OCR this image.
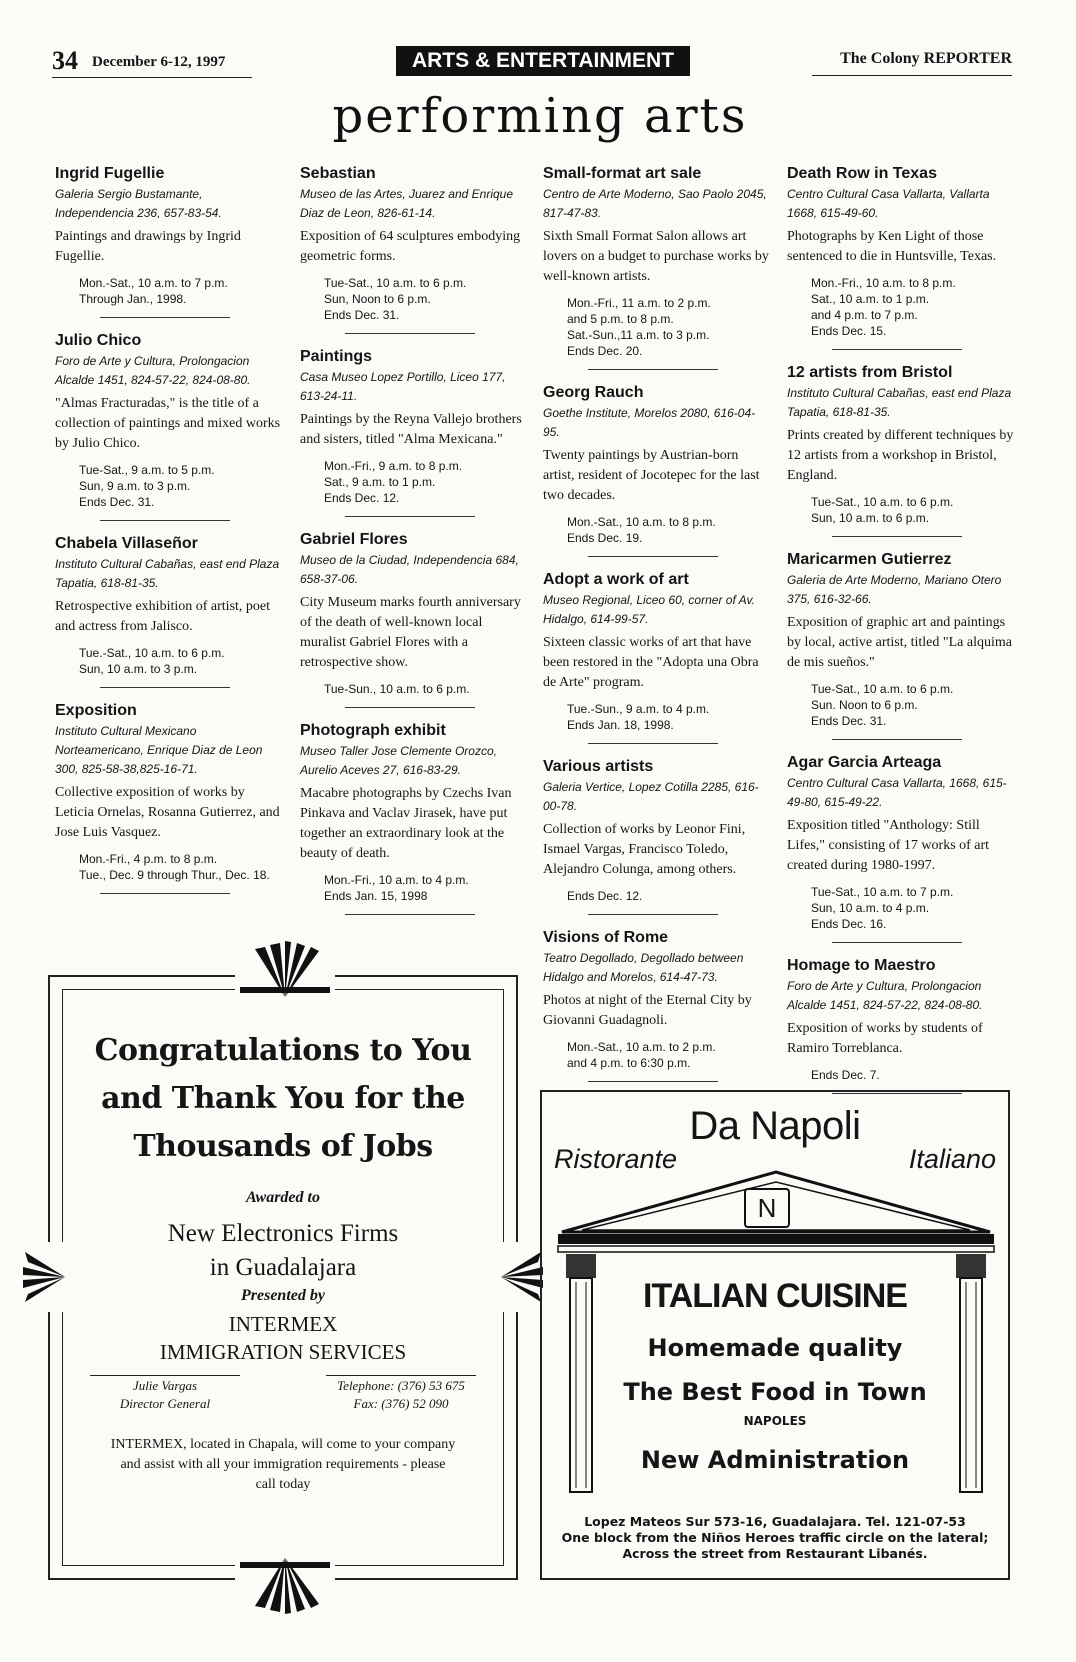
34 December 6-12, 1997	ARTS & ENTERTAINMENT	The Colony REPORTER
performing arts
Ingrid Fugellie
Galeria Sergio Bustamante, Independencia 236, 657-83-54.
Paintings and drawings by Ingrid Fugellie.
Mon.-Sat., 10 a.m. to 7 p.m.
Through Jan., 1998.
Julio Chico
Foro de Arte y Cultura, Prolongacion Alcalde 1451, 824-57-22, 824-08-80.
"Almas Fracturadas," is the title of a collection of paintings and mixed works by Julio Chico.
Tue-Sat., 9 a.m. to 5 p.m.
Sun, 9 a.m. to 3 p.m.
Ends Dec. 31.
Chabela Villaseñor
Instituto Cultural Cabañas, east end Plaza Tapatia, 618-81-35.
Retrospective exhibition of artist, poet and actress from Jalisco.
Tue.-Sat., 10 a.m. to 6 p.m.
Sun, 10 a.m. to 3 p.m.
Exposition
Instituto Cultural Mexicano Norteamericano, Enrique Diaz de Leon 300, 825-58-38,825-16-71.
Collective exposition of works by Leticia Ornelas, Rosanna Gutierrez, and Jose Luis Vasquez.
Mon.-Fri., 4 p.m. to 8 p.m.
Tue., Dec. 9 through Thur., Dec. 18.
Sebastian
Museo de las Artes, Juarez and Enrique Diaz de Leon, 826-61-14.
Exposition of 64 sculptures embodying geometric forms.
Tue-Sat., 10 a.m. to 6 p.m.
Sun, Noon to 6 p.m.
Ends Dec. 31.
Paintings
Casa Museo Lopez Portillo, Liceo 177, 613-24-11.
Paintings by the Reyna Vallejo brothers and sisters, titled "Alma Mexicana."
Mon.-Fri., 9 a.m. to 8 p.m.
Sat., 9 a.m. to 1 p.m.
Ends Dec. 12.
Gabriel Flores
Museo de la Ciudad, Independencia 684, 658-37-06.
City Museum marks fourth anniversary of the death of well-known local muralist Gabriel Flores with a retrospective show.
Tue-Sun., 10 a.m. to 6 p.m.
Photograph exhibit
Museo Taller Jose Clemente Orozco, Aurelio Aceves 27, 616-83-29.
Macabre photographs by Czechs Ivan Pinkava and Vaclav Jirasek, have put together an extraordinary look at the beauty of death.
Mon.-Fri., 10 a.m. to 4 p.m.
Ends Jan. 15, 1998
Small-format art sale
Centro de Arte Moderno, Sao Paolo 2045, 817-47-83.
Sixth Small Format Salon allows art lovers on a budget to purchase works by well-known artists.
Mon.-Fri., 11 a.m. to 2 p.m.
and 5 p.m. to 8 p.m.
Sat.-Sun.,11 a.m. to 3 p.m.
Ends Dec. 20.
Georg Rauch
Goethe Institute, Morelos 2080, 616-04-95.
Twenty paintings by Austrian-born artist, resident of Jocotepec for the last two decades.
Mon.-Sat., 10 a.m. to 8 p.m.
Ends Dec. 19.
Adopt a work of art
Museo Regional, Liceo 60, corner of Av. Hidalgo, 614-99-57.
Sixteen classic works of art that have been restored in the "Adopta una Obra de Arte" program.
Tue.-Sun., 9 a.m. to 4 p.m.
Ends Jan. 18, 1998.
Various artists
Galeria Vertice, Lopez Cotilla 2285, 616-00-78.
Collection of works by Leonor Fini, Ismael Vargas, Francisco Toledo, Alejandro Colunga, among others.
Ends Dec. 12.
Visions of Rome
Teatro Degollado, Degollado between Hidalgo and Morelos, 614-47-73.
Photos at night of the Eternal City by Giovanni Guadagnoli.
Mon.-Sat., 10 a.m. to 2 p.m.
and 4 p.m. to 6:30 p.m.
Death Row in Texas
Centro Cultural Casa Vallarta, Vallarta 1668, 615-49-60.
Photographs by Ken Light of those sentenced to die in Huntsville, Texas.
Mon.-Fri., 10 a.m. to 8 p.m.
Sat., 10 a.m. to 1 p.m.
and 4 p.m. to 7 p.m.
Ends Dec. 15.
12 artists from Bristol
Instituto Cultural Cabañas, east end Plaza Tapatia, 618-81-35.
Prints created by different techniques by 12 artists from a workshop in Bristol, England.
Tue-Sat., 10 a.m. to 6 p.m.
Sun, 10 a.m. to 6 p.m.
Maricarmen Gutierrez
Galeria de Arte Moderno, Mariano Otero 375, 616-32-66.
Exposition of graphic art and paintings by local, active artist, titled "La alquima de mis sueños."
Tue-Sat., 10 a.m. to 6 p.m.
Sun. Noon to 6 p.m.
Ends Dec. 31.
Agar Garcia Arteaga
Centro Cultural Casa Vallarta, 1668, 615-49-80, 615-49-22.
Exposition titled "Anthology: Still Lifes," consisting of 17 works of art created during 1980-1997.
Tue-Sat., 10 a.m. to 7 p.m.
Sun, 10 a.m. to 4 p.m.
Ends Dec. 16.
Homage to Maestro
Foro de Arte y Cultura, Prolongacion Alcalde 1451, 824-57-22, 824-08-80.
Exposition of works by students of Ramiro Torreblanca.
Ends Dec. 7.
Congratulations to You and Thank You for the Thousands of Jobs
Awarded to
New Electronics Firms
in Guadalajara
Presented by
INTERMEX
IMMIGRATION SERVICES
Julie Vargas
Director General
Telephone: (376) 53 675
Fax: (376) 52 090
INTERMEX, located in Chapala, will come to your company and assist with all your immigration requirements - please call today
Da Napoli
Ristorante	Italiano
N
ITALIAN CUISINE
Homemade quality
The Best Food in Town
NAPOLES
New Administration
Lopez Mateos Sur 573-16, Guadalajara. Tel. 121-07-53
One block from the Niños Heroes traffic circle on the lateral;
Across the street from Restaurant Libanés.
